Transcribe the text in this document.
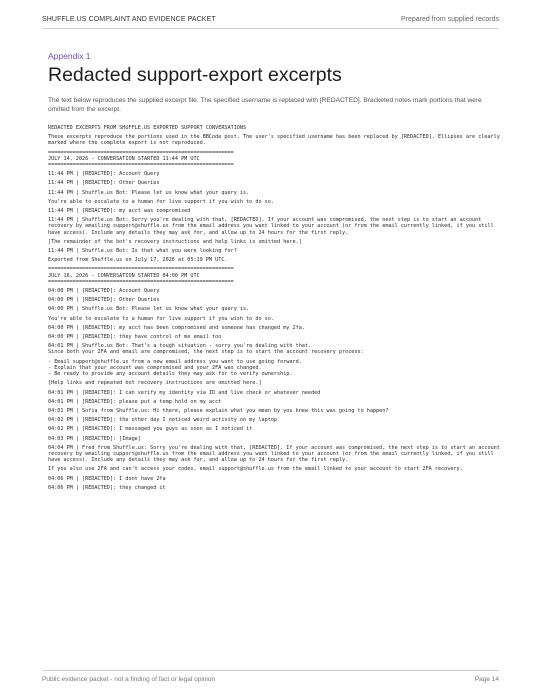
SHUFFLE.US COMPLAINT AND EVIDENCE PACKET	Prepared from supplied records
Appendix 1
Redacted support-export excerpts
The text below reproduces the supplied excerpt file. The specified username is replaced with [REDACTED]. Bracketed notes mark portions that were omitted from the excerpt.
REDACTED EXCERPTS FROM SHUFFLE.US EXPORTED SUPPORT CONVERSATIONS
These excerpts reproduce the portions used in the BBCode post. The user's specified username has been replaced by [REDACTED]. Ellipses are clearly marked where the complete export is not reproduced.
============================================================
JULY 14, 2026 - CONVERSATION STARTED 11:44 PM UTC
============================================================
11:44 PM | [REDACTED]: Account Query
11:44 PM | [REDACTED]: Other Queries
11:44 PM | Shuffle.us Bot: Please let us know what your query is.
You're able to escalate to a human for live support if you wish to do so.
11:44 PM | [REDACTED]: my acct was compromised
11:44 PM | Shuffle.us Bot: Sorry you're dealing with that, [REDACTED]. If your account was compromised, the next step is to start an account recovery by emailing support@shuffle.us from the email address you want linked to your account (or from the email currently linked, if you still have access). Include any details they may ask for, and allow up to 24 hours for the first reply.
[The remainder of the bot's recovery instructions and help links is omitted here.]
11:44 PM | Shuffle.us Bot: Is that what you were looking for?
Exported from Shuffle.us on July 17, 2026 at 05:19 PM UTC.
============================================================
JULY 16, 2026 - CONVERSATION STARTED 04:00 PM UTC
============================================================
04:00 PM | [REDACTED]: Account Query
04:00 PM | [REDACTED]: Other Queries
04:00 PM | Shuffle.us Bot: Please let us know what your query is.
You're able to escalate to a human for live support if you wish to do so.
04:00 PM | [REDACTED]: my acct has been compromised and someone has changed my 2fa.
04:00 PM | [REDACTED]: they have control of me email too
04:01 PM | Shuffle.us Bot: That's a tough situation - sorry you're dealing with that.
Since both your 2FA and email are compromised, the next step is to start the account recovery process:
- Email support@shuffle.us from a new email address you want to use going forward.
- Explain that your account was compromised and your 2FA was changed.
- Be ready to provide any account details they may ask for to verify ownership.
[Help links and repeated bot recovery instructions are omitted here.]
04:01 PM | [REDACTED]: I can verify my identity via ID and live check or whatever needed
04:01 PM | [REDACTED]: please put a temp hold on my acct
04:01 PM | Sofia from Shuffle.us: Hi there, please explain what you mean by you knew this was going to happen?
04:02 PM | [REDACTED]: the other day I noticed weird activity on my laptop
04:02 PM | [REDACTED]: I messaged you guys as soon as I noticed it
04:03 PM | [REDACTED]: [Image]
04:04 PM | Fred from Shuffle.us: Sorry you're dealing with that, [REDACTED]. If your account was compromised, the next step is to start an account recovery by emailing support@shuffle.us from the email address you want linked to your account (or from the email currently linked, if you still have access). Include any details they may ask for, and allow up to 24 hours for the first reply.
If you also use 2FA and can't access your codes, email support@shuffle.us from the email linked to your account to start 2FA recovery.
04:06 PM | [REDACTED]: I dont have 2fa
04:06 PM | [REDACTED]: they changed it
Public evidence packet - not a finding of fact or legal opinion	Page 14
